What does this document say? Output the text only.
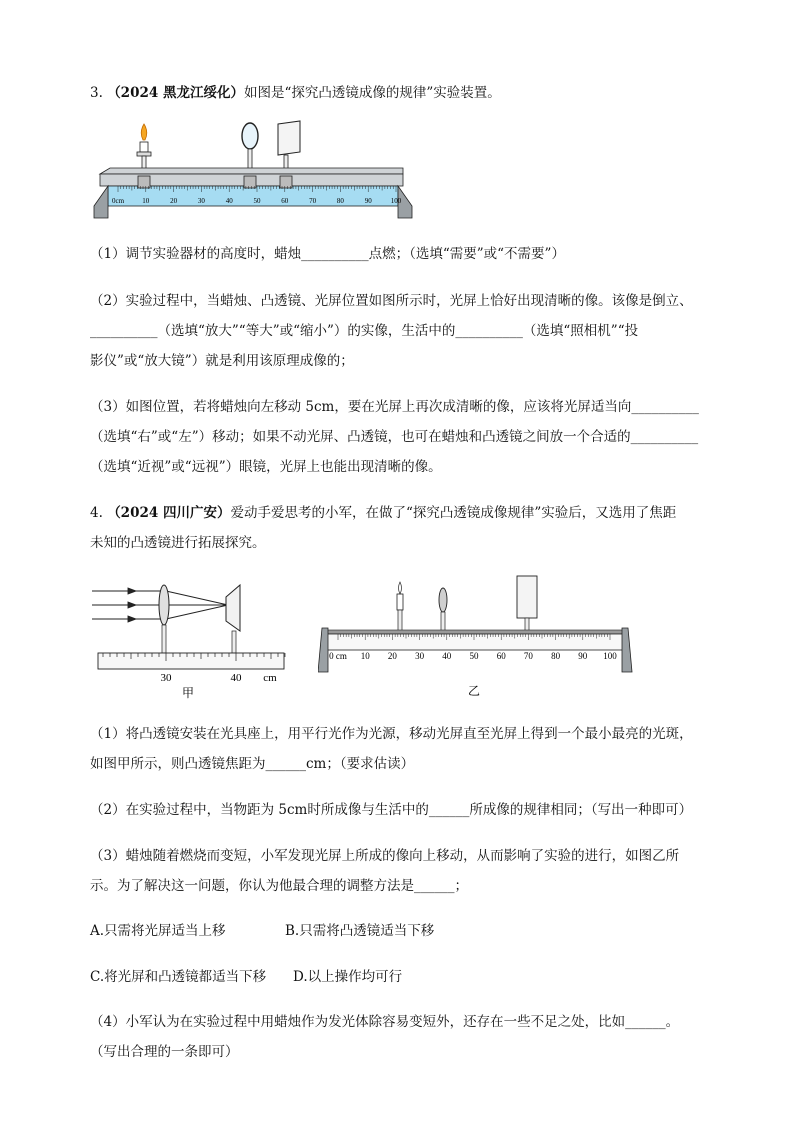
3. （2024 黑龙江绥化）如图是“探究凸透镜成像的规律”实验装置。
0cm	10	20	30	40	50	60	70	80	90	100
（1）调节实验器材的高度时，蜡烛__________点燃；（选填“需要”或“不需要”）
（2）实验过程中，当蜡烛、凸透镜、光屏位置如图所示时，光屏上恰好出现清晰的像。该像是倒立、
__________（选填“放大”“等大”或“缩小”）的实像，生活中的__________（选填“照相机”“投
影仪”或“放大镜”）就是利用该原理成像的；
（3）如图位置，若将蜡烛向左移动 5cm，要在光屏上再次成清晰的像，应该将光屏适当向__________
（选填“右”或“左”）移动；如果不动光屏、凸透镜，也可在蜡烛和凸透镜之间放一个合适的__________
（选填“近视”或“远视”）眼镜，光屏上也能出现清晰的像。
4. （2024 四川广安）爱动手爱思考的小军，在做了“探究凸透镜成像规律”实验后，又选用了焦距
未知的凸透镜进行拓展探究。
30	40 cm
甲
0 cm 10 20 30 40 50 60 70 80 90 100
乙
（1）将凸透镜安装在光具座上，用平行光作为光源，移动光屏直至光屏上得到一个最小最亮的光斑，
如图甲所示，则凸透镜焦距为______cm；（要求估读）
（2）在实验过程中，当物距为 5cm时所成像与生活中的______所成像的规律相同；（写出一种即可）
（3）蜡烛随着燃烧而变短，小军发现光屏上所成的像向上移动，从而影响了实验的进行，如图乙所
示。为了解决这一问题，你认为他最合理的调整方法是______；
A.只需将光屏适当上移	B.只需将凸透镜适当下移
C.将光屏和凸透镜都适当下移 D.以上操作均可行
（4）小军认为在实验过程中用蜡烛作为发光体除容易变短外，还存在一些不足之处，比如______。
（写出合理的一条即可）
